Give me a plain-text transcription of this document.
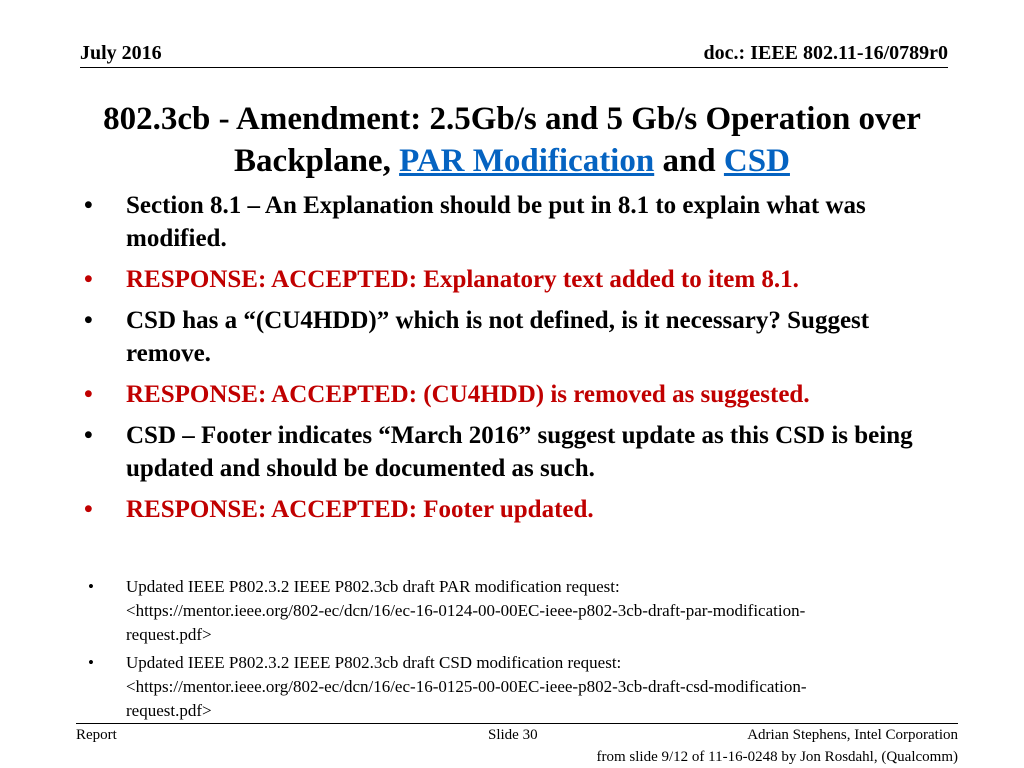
July 2016	doc.: IEEE 802.11-16/0789r0
802.3cb - Amendment: 2.5Gb/s and 5 Gb/s Operation over
Backplane, PAR Modification and CSD
• Section 8.1 – An Explanation should be put in 8.1 to explain what was modified.
• RESPONSE: ACCEPTED: Explanatory text added to item 8.1.
• CSD has a “(CU4HDD)” which is not defined, is it necessary? Suggest remove.
• RESPONSE: ACCEPTED: (CU4HDD) is removed as suggested.
• CSD – Footer indicates “March 2016” suggest update as this CSD is being updated and should be documented as such.
• RESPONSE: ACCEPTED: Footer updated.
• Updated IEEE P802.3.2 IEEE P802.3cb draft PAR modification request:
<https://mentor.ieee.org/802-ec/dcn/16/ec-16-0124-00-00EC-ieee-p802-3cb-draft-par-modification-
request.pdf>
• Updated IEEE P802.3.2 IEEE P802.3cb draft CSD modification request:
<https://mentor.ieee.org/802-ec/dcn/16/ec-16-0125-00-00EC-ieee-p802-3cb-draft-csd-modification-
request.pdf>
Report	Slide 30	Adrian Stephens, Intel Corporation
from slide 9/12 of 11-16-0248 by Jon Rosdahl, (Qualcomm)
